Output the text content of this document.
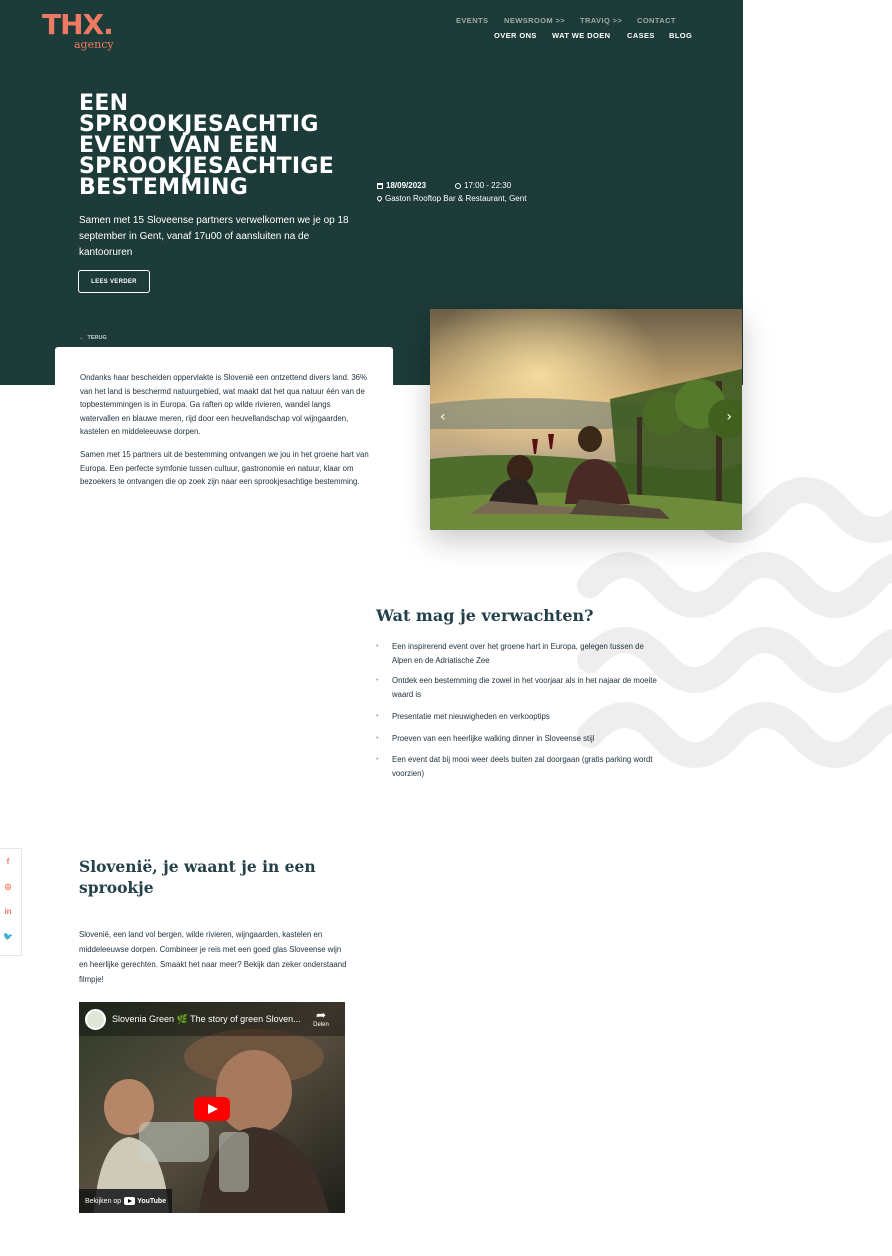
THX.
agency
EVENTS NEWSROOM >> TRAVIQ >> CONTACT
OVER ONS WAT WE DOEN CASES BLOG
EEN SPROOKJESACHTIG EVENT VAN EEN SPROOKJESACHTIGE BESTEMMING

Samen met 15 Sloveense partners verwelkomen we je op 18 september in Gent, vanaf 17u00 of aansluiten na de kantooruren

LEES VERDER
18/09/2023	17:00 - 22:30
Gaston Rooftop Bar & Restaurant, Gent
← TERUG

Ondanks haar bescheiden oppervlakte is Slovenië een ontzettend divers land. 36% van het land is beschermd natuurgebied, wat maakt dat het qua natuur één van de topbestemmingen is in Europa. Ga raften op wilde rivieren, wandel langs watervallen en blauwe meren, rijd door een heuvellandschap vol wijngaarden, kastelen en middeleeuwse dorpen.

Samen met 15 partners uit de bestemming ontvangen we jou in het groene hart van Europa. Een perfecte symfonie tussen cultuur, gastronomie en natuur, klaar om bezoekers te ontvangen die op zoek zijn naar een sprookjesachtige bestemming.

‹	›
Wat mag je verwachten?
• Een inspirerend event over het groene hart in Europa, gelegen tussen de Alpen en de Adriatische Zee
• Ontdek een bestemming die zowel in het voorjaar als in het najaar de moeite waard is
• Presentatie met nieuwigheden en verkooptips
• Proeven van een heerlijke walking dinner in Sloveense stijl
• Een event dat bij mooi weer deels buiten zal doorgaan (gratis parking wordt voorzien)
f
◎
in
🐦
Slovenië, je waant je in een sprookje

Slovenië, een land vol bergen, wilde rivieren, wijngaarden, kastelen en middeleeuwse dorpen. Combineer je reis met een goed glas Sloveense wijn en heerlijke gerechten. Smaakt het naar meer? Bekijk dan zeker onderstaand filmpje!

Slovenia Green 🌿 The story of green Sloven...	➦
Delen
Bekijken op YouTube
